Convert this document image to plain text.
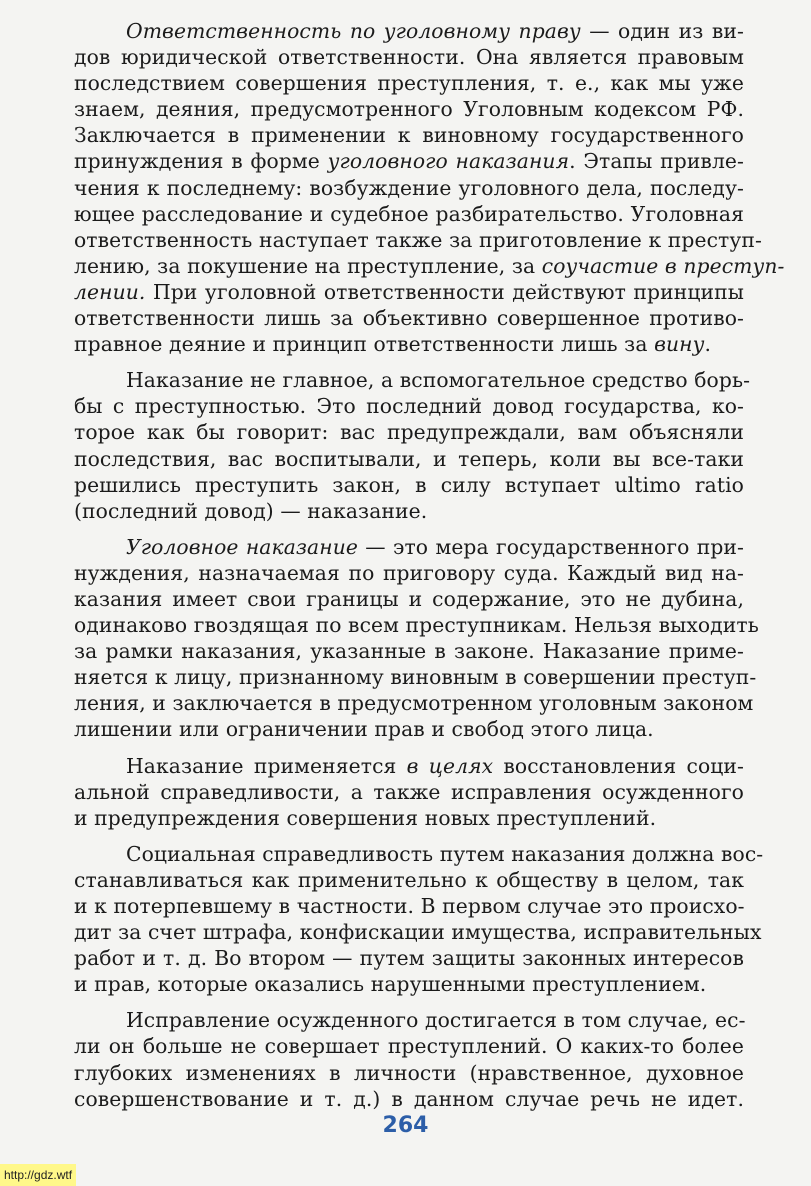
Ответственность по уголовному праву — один из ви-
дов юридической ответственности. Она является правовым
последствием совершения преступления, т. е., как мы уже
знаем, деяния, предусмотренного Уголовным кодексом РФ.
Заключается в применении к виновному государственного
принуждения в форме уголовного наказания. Этапы привле-
чения к последнему: возбуждение уголовного дела, последу-
ющее расследование и судебное разбирательство. Уголовная
ответственность наступает также за приготовление к преступ-
лению, за покушение на преступление, за соучастие в преступ-
лении. При уголовной ответственности действуют принципы
ответственности лишь за объективно совершенное противо-
правное деяние и принцип ответственности лишь за вину.
Наказание не главное, а вспомогательное средство борь-
бы с преступностью. Это последний довод государства, ко-
торое как бы говорит: вас предупреждали, вам объясняли
последствия, вас воспитывали, и теперь, коли вы все-таки
решились преступить закон, в силу вступает ultimo ratio
(последний довод) — наказание.
Уголовное наказание — это мера государственного при-
нуждения, назначаемая по приговору суда. Каждый вид на-
казания имеет свои границы и содержание, это не дубина,
одинаково гвоздящая по всем преступникам. Нельзя выходить
за рамки наказания, указанные в законе. Наказание приме-
няется к лицу, признанному виновным в совершении преступ-
ления, и заключается в предусмотренном уголовным законом
лишении или ограничении прав и свобод этого лица.
Наказание применяется в целях восстановления соци-
альной справедливости, а также исправления осужденного
и предупреждения совершения новых преступлений.
Социальная справедливость путем наказания должна вос-
станавливаться как применительно к обществу в целом, так
и к потерпевшему в частности. В первом случае это происхо-
дит за счет штрафа, конфискации имущества, исправительных
работ и т. д. Во втором — путем защиты законных интересов
и прав, которые оказались нарушенными преступлением.
Исправление осужденного достигается в том случае, ес-
ли он больше не совершает преступлений. О каких-то более
глубоких изменениях в личности (нравственное, духовное
совершенствование и т. д.) в данном случае речь не идет.
264
http://gdz.wtf
